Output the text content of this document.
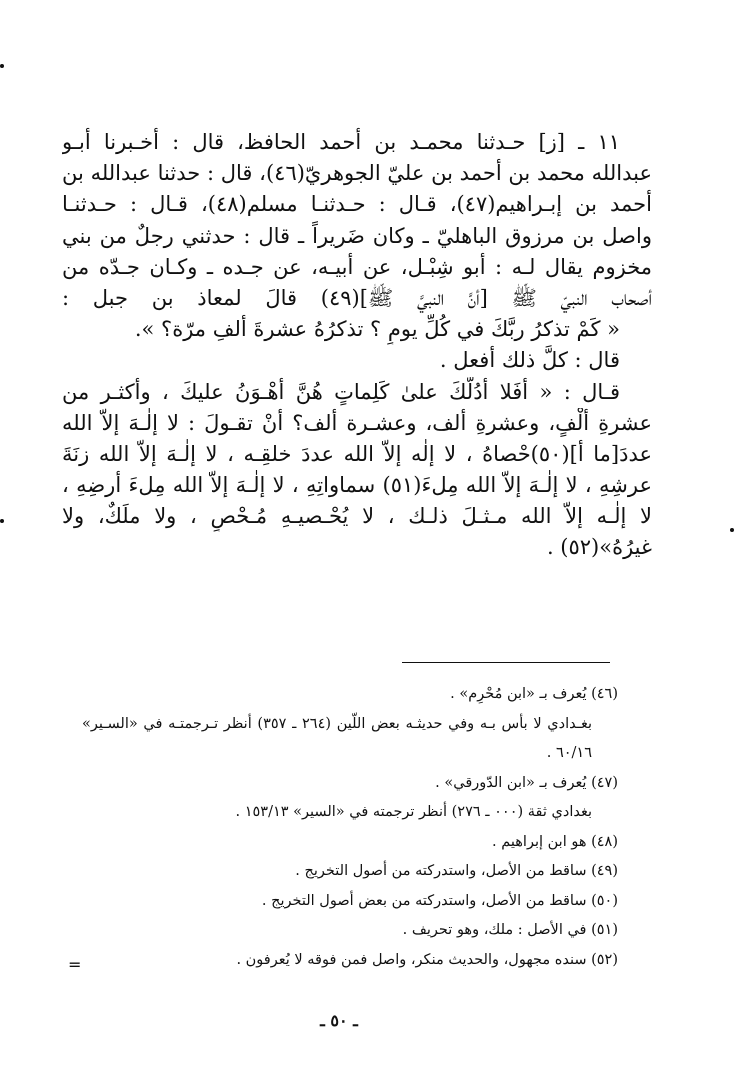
١١ ـ [ز] حـدثنا محمـد بن أحمد الحافظ، قال : أخـبرنا أبـو
عبدالله محمد بن أحمد بن عليّ الجوهريّ(٤٦)، قال : حدثنا عبدالله بن
أحمد بن إبـراهيم(٤٧)، قـال : حـدثنـا مسلم(٤٨)، قـال : حـدثنـا
واصل بن مرزوق الباهليّ ـ وكان ضَريراً ـ قال : حدثني رجلٌ من بني
مخزوم يقال لـه : أبو شِبْـل، عن أبيـه، عن جـده ـ وكـان جـدّه من
أصحاب النبيّ ﷺ [أنَّ النبيَّ ﷺ](٤٩) قالَ لمعاذ بن جبل :
« كَمْ تذكرُ ربَّكَ في كُلِّ يومٍ ؟ تذكرُهُ عشرةَ ألفِ مرّة؟ ».
قال : كلَّ ذلك أفعل .
قـال : « أفَلا أدُلُّكَ علىٰ كَلِماتٍ هُنَّ أهْـوَنُ عليكَ ، وأكثـر من
عشرةِ ألْفٍ، وعشرةِ ألف، وعشـرة ألف؟ أنْ تقـولَ : لا إلٰـهَ إلاّ الله
عددَ[ما أ](٥٠)حْصاهُ ، لا إلٰه إلاّ الله عددَ خلقِـه ، لا إلٰـهَ إلاّ الله زنَةَ
عرشِهِ ، لا إلٰـهَ إلاّ الله مِلءَ(٥١) سماواتِهِ ، لا إلٰـهَ إلاّ الله مِلءَ أرضِهِ ،
لا إلٰـه إلاّ الله مـثـلَ ذلـك ، لا يُحْـصيـهِ مُـحْصٍ ، ولا ملَكٌ، ولا
غيرُهُ»(٥٢) .
(٤٦) يُعرف بـ «ابن مُحْرِم» .
بغـدادي لا بأس بـه وفي حديثـه بعض اللّين (٢٦٤ ـ ٣٥٧) أنظر تـرجمتـه في «السـير»
٦٠/١٦ .
(٤٧) يُعرف بـ «ابن الدّورقي» .
بغدادي ثقة (٠٠٠ ـ ٢٧٦) أنظر ترجمته في «السير» ١٥٣/١٣ .
(٤٨) هو ابن إبراهيم .
(٤٩) ساقط من الأصل، واستدركته من أصول التخريج .
(٥٠) ساقط من الأصل، واستدركته من بعض أصول التخريج .
(٥١) في الأصل : ملك، وهو تحريف .
(٥٢) سنده مجهول، والحديث منكر، واصل فمن فوقه لا يُعرفون .
=
ـ ٥٠ ـ
